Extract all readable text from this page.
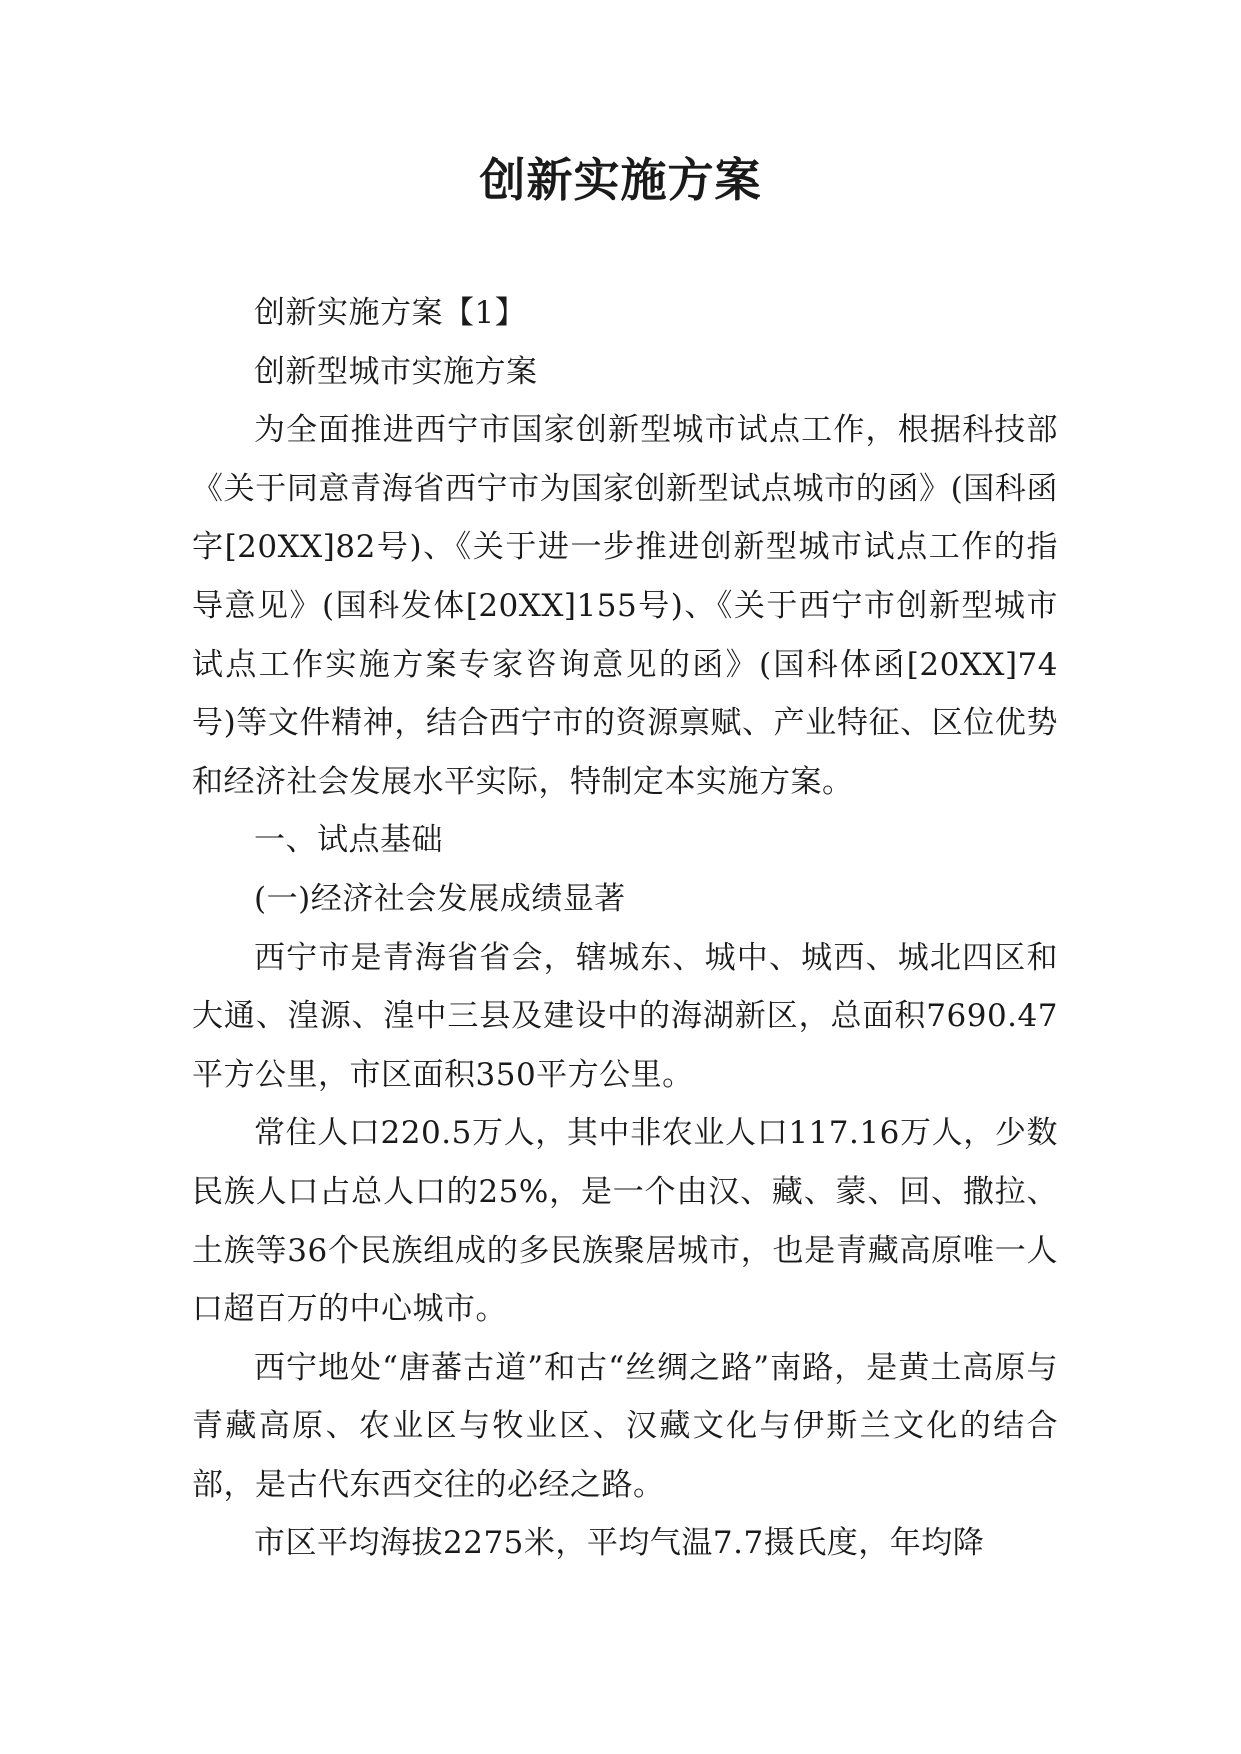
创新实施方案

创新实施方案【1】

创新型城市实施方案

为全面推进西宁市国家创新型城市试点工作，根据科技部《关于同意青海省西宁市为国家创新型试点城市的函》(国科函字[20XX]82号)、《关于进一步推进创新型城市试点工作的指导意见》(国科发体[20XX]155号)、《关于西宁市创新型城市试点工作实施方案专家咨询意见的函》(国科体函[20XX]74号)等文件精神，结合西宁市的资源禀赋、产业特征、区位优势和经济社会发展水平实际，特制定本实施方案。

一、试点基础

(一)经济社会发展成绩显著

西宁市是青海省省会，辖城东、城中、城西、城北四区和大通、湟源、湟中三县及建设中的海湖新区，总面积7690.47平方公里，市区面积350平方公里。

常住人口220.5万人，其中非农业人口117.16万人，少数民族人口占总人口的25%，是一个由汉、藏、蒙、回、撒拉、土族等36个民族组成的多民族聚居城市，也是青藏高原唯一人口超百万的中心城市。

西宁地处“唐蕃古道”和古“丝绸之路”南路，是黄土高原与青藏高原、农业区与牧业区、汉藏文化与伊斯兰文化的结合部，是古代东西交往的必经之路。

市区平均海拔2275米，平均气温7.7摄氏度，年均降
